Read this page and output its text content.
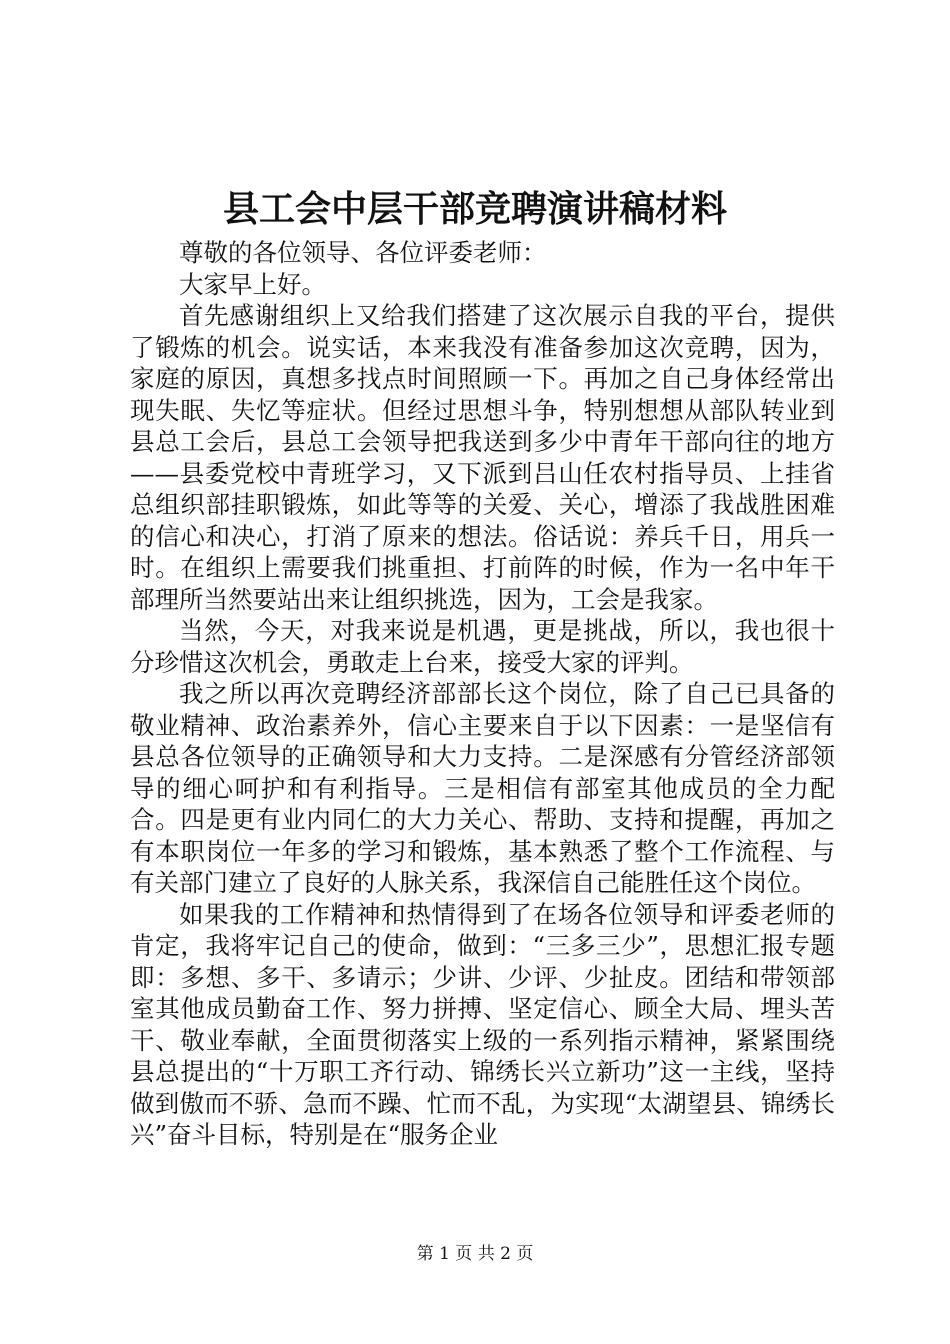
县工会中层干部竞聘演讲稿材料

尊敬的各位领导、各位评委老师：

大家早上好。

首先感谢组织上又给我们搭建了这次展示自我的平台，提供了锻炼的机会。说实话，本来我没有准备参加这次竞聘，因为，家庭的原因，真想多找点时间照顾一下。再加之自己身体经常出现失眠、失忆等症状。但经过思想斗争，特别想想从部队转业到县总工会后，县总工会领导把我送到多少中青年干部向往的地方——县委党校中青班学习，又下派到吕山任农村指导员、上挂省总组织部挂职锻炼，如此等等的关爱、关心，增添了我战胜困难的信心和决心，打消了原来的想法。俗话说：养兵千日，用兵一时。在组织上需要我们挑重担、打前阵的时候，作为一名中年干部理所当然要站出来让组织挑选，因为，工会是我家。

当然，今天，对我来说是机遇，更是挑战，所以，我也很十分珍惜这次机会，勇敢走上台来，接受大家的评判。

我之所以再次竞聘经济部部长这个岗位，除了自己已具备的敬业精神、政治素养外，信心主要来自于以下因素：一是坚信有县总各位领导的正确领导和大力支持。二是深感有分管经济部领导的细心呵护和有利指导。三是相信有部室其他成员的全力配合。四是更有业内同仁的大力关心、帮助、支持和提醒，再加之有本职岗位一年多的学习和锻炼，基本熟悉了整个工作流程、与有关部门建立了良好的人脉关系，我深信自己能胜任这个岗位。

如果我的工作精神和热情得到了在场各位领导和评委老师的肯定，我将牢记自己的使命，做到：“三多三少”，思想汇报专题即：多想、多干、多请示；少讲、少评、少扯皮。团结和带领部室其他成员勤奋工作、努力拼搏、坚定信心、顾全大局、埋头苦干、敬业奉献，全面贯彻落实上级的一系列指示精神，紧紧围绕县总提出的“十万职工齐行动、锦绣长兴立新功”这一主线，坚持做到傲而不骄、急而不躁、忙而不乱，为实现“太湖望县、锦绣长兴”奋斗目标，特别是在“服务企业

第 1 页 共 2 页
